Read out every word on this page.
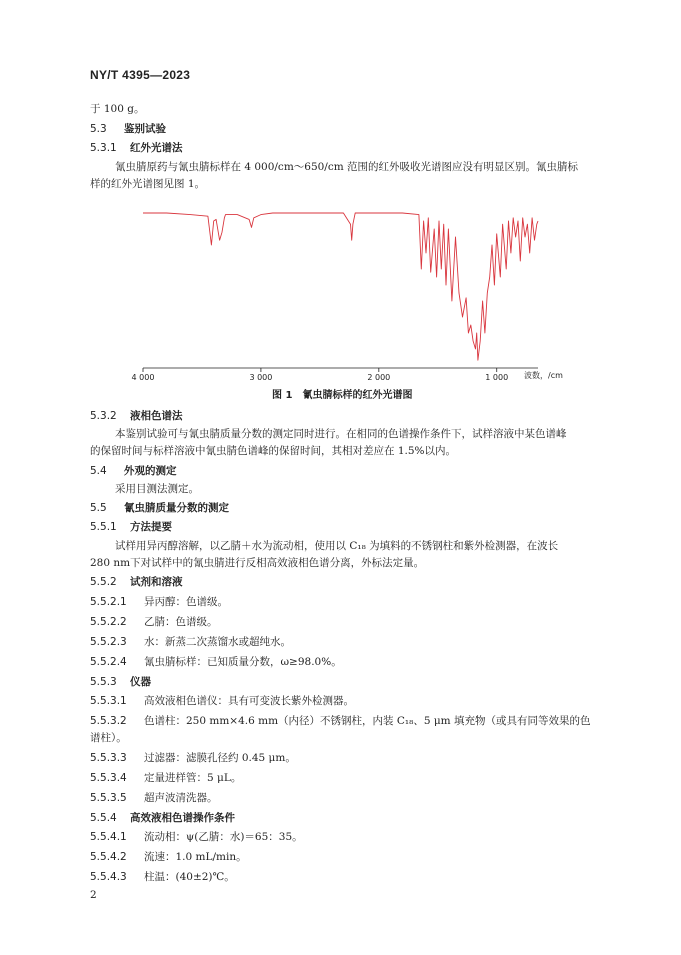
NY/T 4395—2023
于 100 g。
5.3 鉴别试验
5.3.1 红外光谱法
氰虫腈原药与氰虫腈标样在 4 000/cm～650/cm 范围的红外吸收光谱图应没有明显区别。氰虫腈标
样的红外光谱图见图 1。
4 000	3 000	2 000	1 000 波数，/cm
图 1　氰虫腈标样的红外光谱图
5.3.2 液相色谱法
本鉴别试验可与氰虫腈质量分数的测定同时进行。在相同的色谱操作条件下，试样溶液中某色谱峰
的保留时间与标样溶液中氰虫腈色谱峰的保留时间，其相对差应在 1.5%以内。
5.4 外观的测定
采用目测法测定。
5.5 氰虫腈质量分数的测定
5.5.1 方法提要
试样用异丙醇溶解，以乙腈＋水为流动相，使用以 C₁₈ 为填料的不锈钢柱和紫外检测器，在波长
280 nm下对试样中的氰虫腈进行反相高效液相色谱分离，外标法定量。
5.5.2 试剂和溶液
5.5.2.1 异丙醇：色谱级。
5.5.2.2 乙腈：色谱级。
5.5.2.3 水：新蒸二次蒸馏水或超纯水。
5.5.2.4 氰虫腈标样：已知质量分数，ω≥98.0%。
5.5.3 仪器
5.5.3.1 高效液相色谱仪：具有可变波长紫外检测器。
5.5.3.2 色谱柱：250 mm×4.6 mm（内径）不锈钢柱，内装 C₁₈、5 μm 填充物（或具有同等效果的色
谱柱）。
5.5.3.3 过滤器：滤膜孔径约 0.45 μm。
5.5.3.4 定量进样管：5 μL。
5.5.3.5 超声波清洗器。
5.5.4 高效液相色谱操作条件
5.5.4.1 流动相：ψ(乙腈：水)＝65：35。
5.5.4.2 流速：1.0 mL/min。
5.5.4.3 柱温：(40±2)℃。
2
